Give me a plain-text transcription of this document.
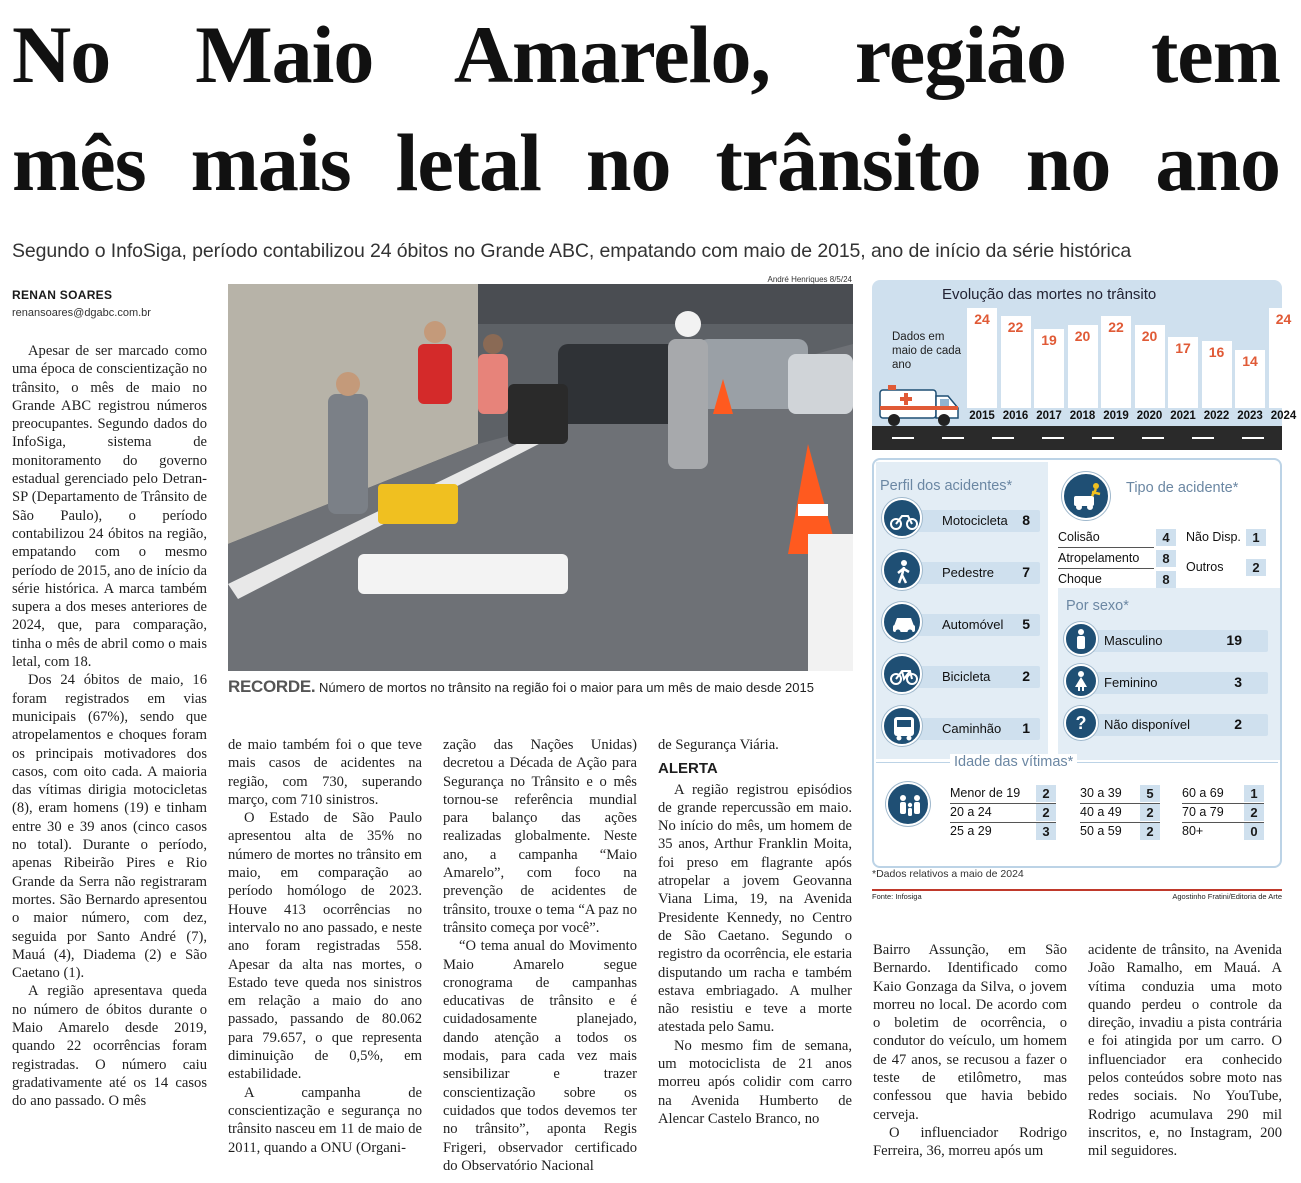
No Maio Amarelo, região tem
mês mais letal no trânsito no ano
Segundo o InfoSiga, período contabilizou 24 óbitos no Grande ABC, empatando com maio de 2015, ano de início da série histórica
RENAN SOARES
renansoares@dgabc.com.br
André Henriques 8/5/24
RECORDE. Número de mortos no trânsito na região foi o maior para um mês de maio desde 2015

Apesar de ser marcado como uma época de conscientização no trânsito, o mês de maio no Grande ABC registrou números preocupantes. Segundo dados do InfoSiga, sistema de monitoramento do governo estadual gerenciado pelo Detran-SP (Departamento de Trânsito de São Paulo), o período contabilizou 24 óbitos na região, empatando com o mesmo período de 2015, ano de início da série histórica. A marca também supera a dos meses anteriores de 2024, que, para comparação, tinha o mês de abril como o mais letal, com 18.

Dos 24 óbitos de maio, 16 foram registrados em vias municipais (67%), sendo que atropelamentos e choques foram os principais motivadores dos casos, com oito cada. A maioria das vítimas dirigia motocicletas (8), eram homens (19) e tinham entre 30 e 39 anos (cinco casos no total). Durante o período, apenas Ribeirão Pires e Rio Grande da Serra não registraram mortes. São Bernardo apresentou o maior número, com dez, seguida por Santo André (7), Mauá (4), Diadema (2) e São Caetano (1).

A região apresentava queda no número de óbitos durante o Maio Amarelo desde 2019, quando 22 ocorrências foram registradas. O número caiu gradativamente até os 14 casos do ano passado. O mês

de maio também foi o que teve mais casos de acidentes na região, com 730, superando março, com 710 sinistros.

O Estado de São Paulo apresentou alta de 35% no número de mortes no trânsito em maio, em comparação ao período homólogo de 2023. Houve 413 ocorrências no intervalo no ano passado, e neste ano foram registradas 558. Apesar da alta nas mortes, o Estado teve queda nos sinistros em relação a maio do ano passado, passando de 80.062 para 79.657, o que representa diminuição de 0,5%, em estabilidade.

A campanha de conscientização e segurança no trânsito nasceu em 11 de maio de 2011, quando a ONU (Organi-

zação das Nações Unidas) decretou a Década de Ação para Segurança no Trânsito e o mês tornou-se referência mundial para balanço das ações realizadas globalmente. Neste ano, a campanha “Maio Amarelo”, com foco na prevenção de acidentes de trânsito, trouxe o tema “A paz no trânsito começa por você”.

“O tema anual do Movimento Maio Amarelo segue cronograma de campanhas educativas de trânsito e é cuidadosamente planejado, dando atenção a todos os modais, para cada vez mais sensibilizar e trazer conscientização sobre os cuidados que todos devemos ter no trânsito”, aponta Regis Frigeri, observador certificado do Observatório Nacional

de Segurança Viária.

ALERTA

A região registrou episódios de grande repercussão em maio. No início do mês, um homem de 35 anos, Arthur Franklin Moita, foi preso em flagrante após atropelar a jovem Geovanna Viana Lima, 19, na Avenida Presidente Kennedy, no Centro de São Caetano. Segundo o registro da ocorrência, ele estaria disputando um racha e também estava embriagado. A mulher não resistiu e teve a morte atestada pelo Samu.

No mesmo fim de semana, um motociclista de 21 anos morreu após colidir com carro na Avenida Humberto de Alencar Castelo Branco, no

Bairro Assunção, em São Bernardo. Identificado como Kaio Gonzaga da Silva, o jovem morreu no local. De acordo com o boletim de ocorrência, o condutor do veículo, um homem de 47 anos, se recusou a fazer o teste de etilômetro, mas confessou que havia bebido cerveja.

O influenciador Rodrigo Ferreira, 36, morreu após um

acidente de trânsito, na Avenida João Ramalho, em Mauá. A vítima conduzia uma moto quando perdeu o controle da direção, invadiu a pista contrária e foi atingida por um carro. O influenciador era conhecido pelos conteúdos sobre moto nas redes sociais. No YouTube, Rodrigo acumulava 290 mil inscritos, e, no Instagram, 200 mil seguidores.

Evolução das mortes no trânsito
Dados em maio de cada ano
24
2015
22
2016
19
2017
20
2018
22
2019
20
2020
17
2021
16
2022
14
2023
24
2024
Perfil dos acidentes*
Motocicleta 8
Pedestre 7
Automóvel 5
Bicicleta 2
Caminhão 1
Tipo de acidente*
Colisão	4
Atropelamento	8
Choque	8
Não Disp. 1
Outros	2
Por sexo*
Masculino	19
Feminino	3
Não disponível	2
?
Idade das vítimas*
Menor de 19	2
20 a 24	2
25 a 29	3
30 a 39	5
40 a 49	2
50 a 59	2
60 a 69	1
70 a 79	2
80+	0
*Dados relativos a maio de 2024
Fonte: Infosiga	Agostinho Fratini/Editoria de Arte
